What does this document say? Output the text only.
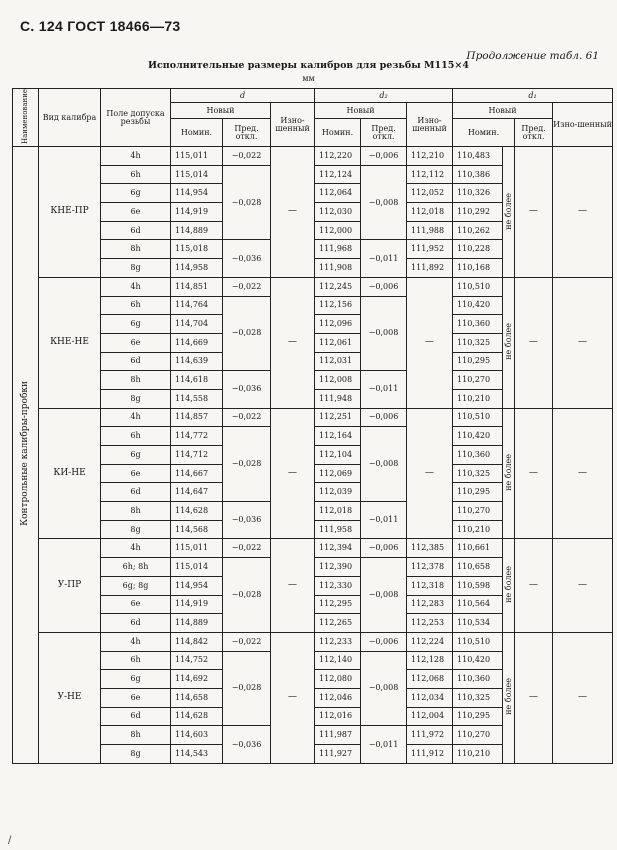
С. 124 ГОСТ 18466—73
Продолжение табл. 61
Исполнительные размеры калибров для резьбы М115×4
мм
Наименование	Вид калибра	Поле допуска резьбы	d			d₂			d₁			
			Новый		Изно-шенный	Новый		Изно-шенный	Новый			Изно-шенный
			Номин.	Пред. откл.		Номин.	Пред. откл.		Номин.		Пред. откл.	
Контрольные калибры-пробки	КНЕ-ПР	4h	115,011	−0,022	—	112,220	−0,006	112,210	110,483	не более	—	—
		6h	115,014	−0,028		112,124	−0,008	112,112	110,386			
		6g	114,954			112,064		112,052	110,326			
		6e	114,919			112,030		112,018	110,292			
		6d	114,889			112,000		111,988	110,262			
		8h	115,018	−0,036		111,968	−0,011	111,952	110,228			
		8g	114,958			111,908		111,892	110,168			
	КНЕ-НЕ	4h	114,851	−0,022	—	112,245	−0,006	—	110,510	не более	—	—
		6h	114,764	−0,028		112,156	−0,008		110,420			
		6g	114,704			112,096			110,360			
		6e	114,669			112,061			110,325			
		6d	114,639			112,031			110,295			
		8h	114,618	−0,036		112,008	−0,011		110,270			
		8g	114,558			111,948			110,210			
	КИ-НЕ	4h	114,857	−0,022	—	112,251	−0,006	—	110,510	не более	—	—
		6h	114,772	−0,028		112,164	−0,008		110,420			
		6g	114,712			112,104			110,360			
		6e	114,667			112,069			110,325			
		6d	114,647			112,039			110,295			
		8h	114,628	−0,036		112,018	−0,011		110,270			
		8g	114,568			111,958			110,210			
	У-ПР	4h	115,011	−0,022	—	112,394	−0,006	112,385	110,661	не более	—	—
		6h; 8h	115,014	−0,028		112,390	−0,008	112,378	110,658			
		6g; 8g	114,954			112,330		112,318	110,598			
		6e	114,919			112,295		112,283	110,564			
		6d	114,889			112,265		112,253	110,534			
	У-НЕ	4h	114,842	−0,022	—	112,233	−0,006	112,224	110,510	не более	—	—
		6h	114,752	−0,028		112,140	−0,008	112,128	110,420			
		6g	114,692			112,080		112,068	110,360			
		6e	114,658			112,046		112,034	110,325			
		6d	114,628			112,016		112,004	110,295			
		8h	114,603	−0,036		111,987	−0,011	111,972	110,270			
		8g	114,543			111,927		111,912	110,210			
/
